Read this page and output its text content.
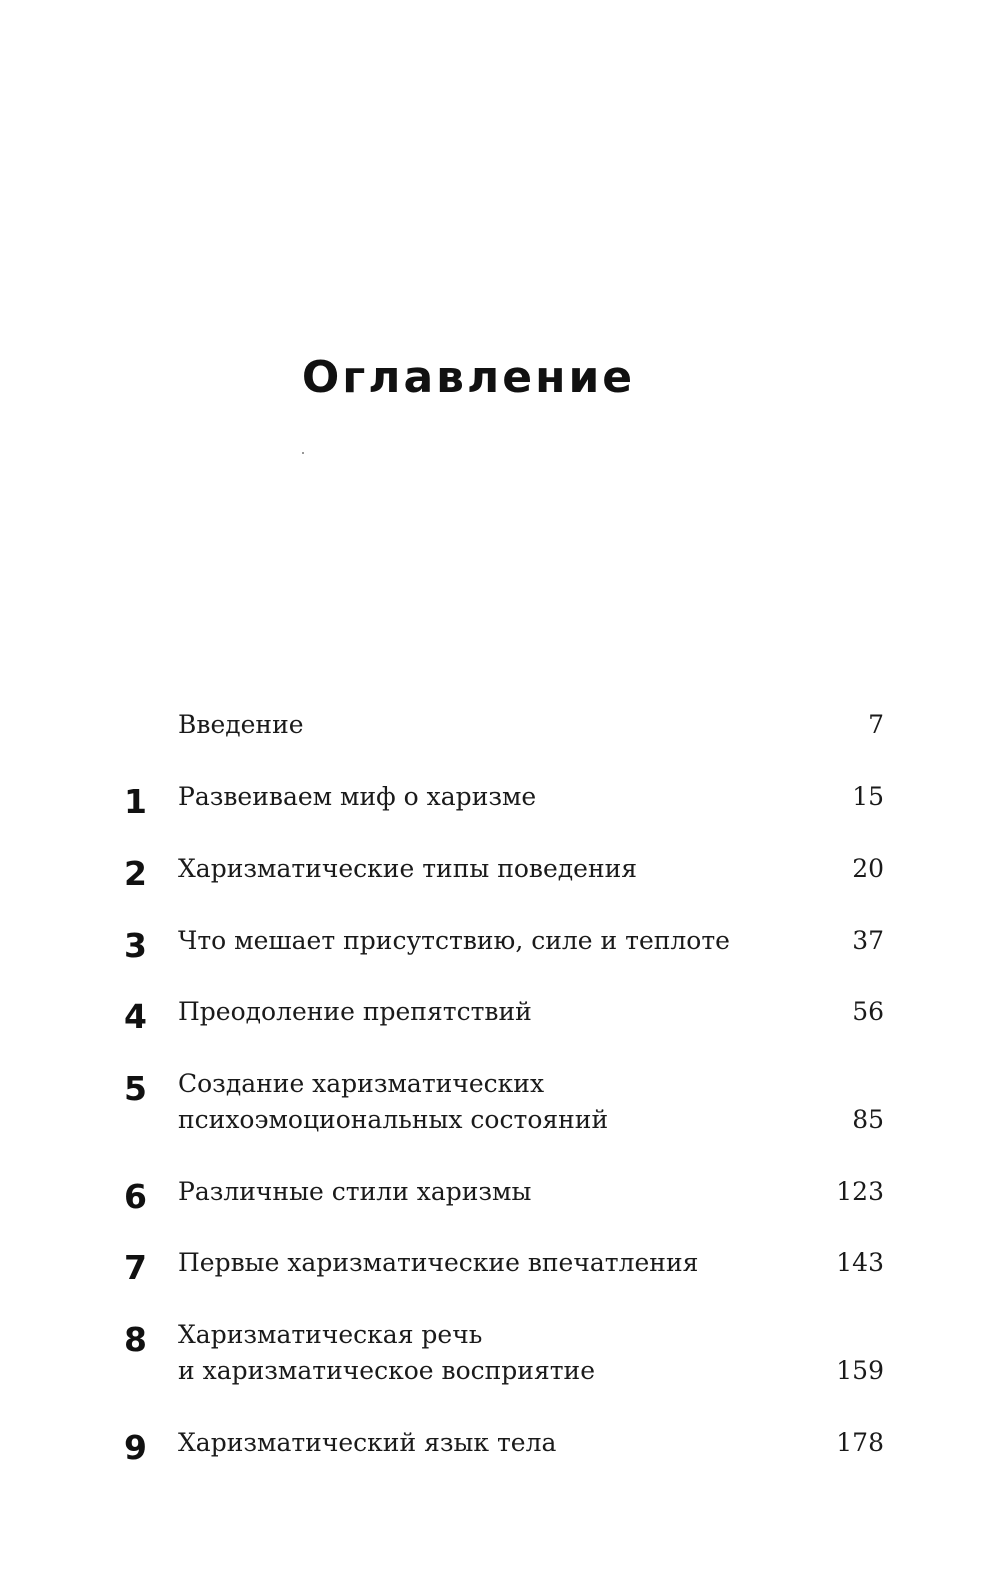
Оглавление
Введение	7
1 Развеиваем миф о харизме	15
2 Харизматические типы поведения	20
3 Что мешает присутствию, силе и теплоте	37
4 Преодоление препятствий	56
5 Создание харизматических
психоэмоциональных состояний	85
6 Различные стили харизмы	123
7 Первые харизматические впечатления	143
8 Харизматическая речь
и харизматическое восприятие	159
9 Харизматический язык тела	178
